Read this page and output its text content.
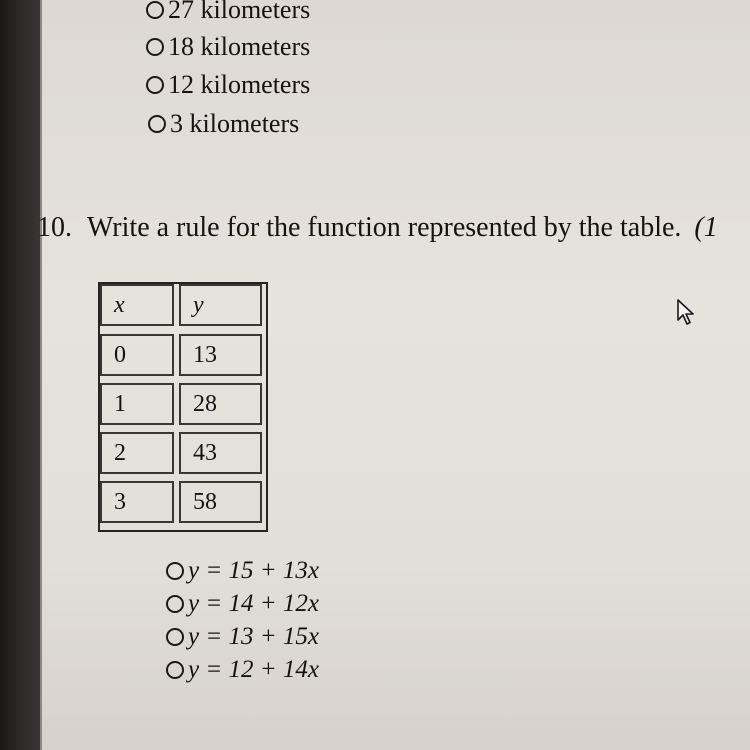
27 kilometers
18 kilometers
12 kilometers
3 kilometers
10. Write a rule for the function represented by the table. (1
x	y
0	13
1	28
2	43
3	58
y = 15 + 13x
y = 14 + 12x
y = 13 + 15x
y = 12 + 14x
